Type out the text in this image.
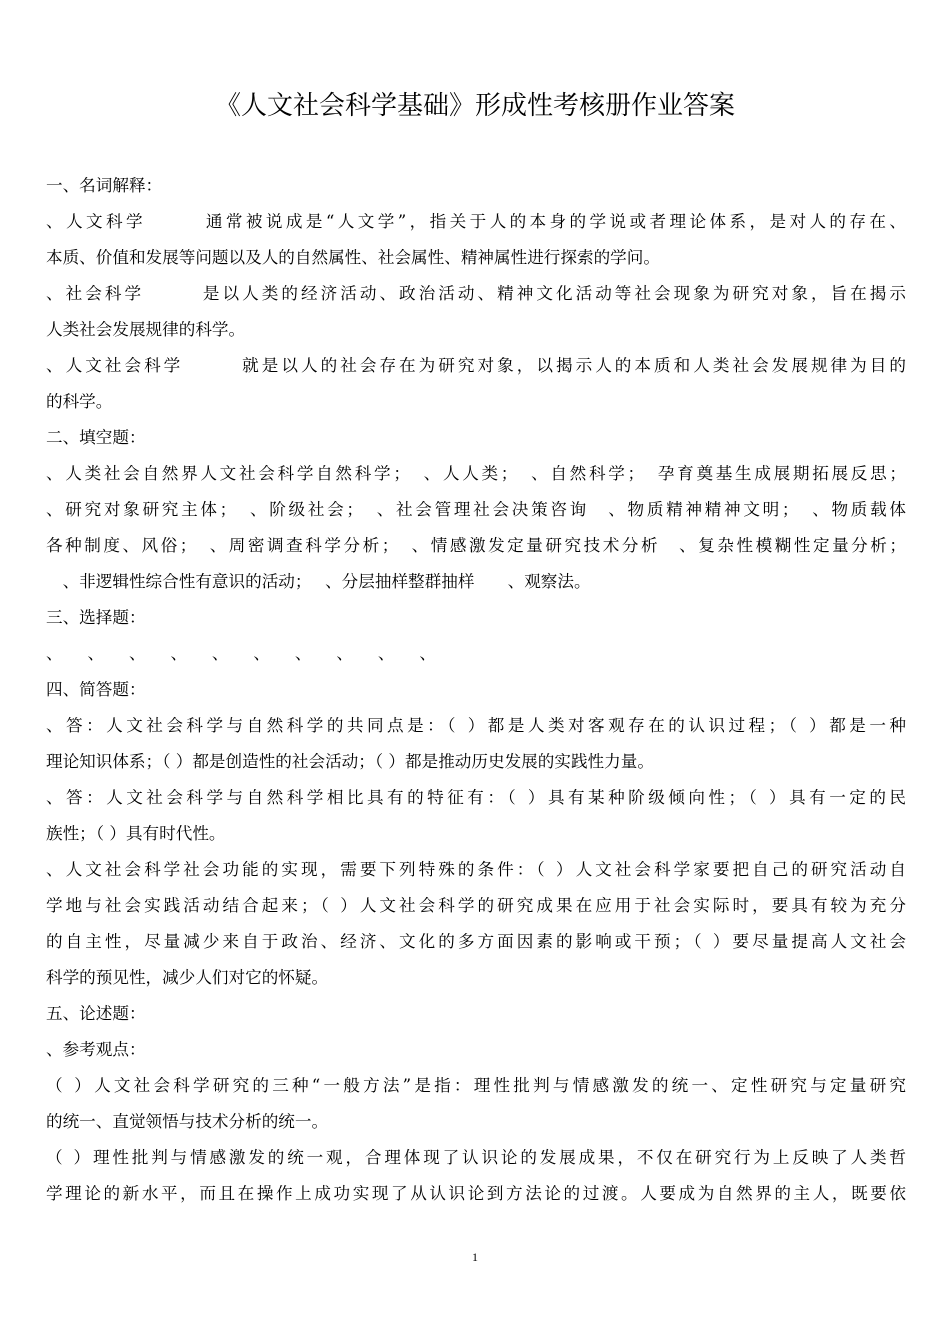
《人文社会科学基础》形成性考核册作业答案
一、名词解释：
、人文科学　　　通常被说成是“人文学”，指关于人的本身的学说或者理论体系，是对人的存在、
本质、价值和发展等问题以及人的自然属性、社会属性、精神属性进行探索的学问。
、社会科学　　　是以人类的经济活动、政治活动、精神文化活动等社会现象为研究对象，旨在揭示
人类社会发展规律的科学。
、人文社会科学　　　就是以人的社会存在为研究对象，以揭示人的本质和人类社会发展规律为目的
的科学。
二、填空题：
、人类社会自然界人文社会科学自然科学；　、人人类；　、自然科学；　孕育奠基生成展期拓展反思；
、研究对象研究主体；　、阶级社会；　、社会管理社会决策咨询　、物质精神精神文明；　、物质载体
各种制度、风俗；　、周密调查科学分析；　、情感激发定量研究技术分析　、复杂性模糊性定量分析；
　、非逻辑性综合性有意识的活动；　 、分层抽样整群抽样　　、观察法。
三、选择题：
、　　、　　、　　、　　、　　、　　、　　、　　、　　、
四、简答题：
、答：人文社会科学与自然科学的共同点是：（ ）都是人类对客观存在的认识过程；（ ）都是一种
理论知识体系；（ ）都是创造性的社会活动；（ ）都是推动历史发展的实践性力量。
、答：人文社会科学与自然科学相比具有的特征有：（ ）具有某种阶级倾向性；（ ）具有一定的民
族性；（ ）具有时代性。
、人文社会科学社会功能的实现，需要下列特殊的条件：（ ）人文社会科学家要把自己的研究活动自
学地与社会实践活动结合起来；（ ）人文社会科学的研究成果在应用于社会实际时，要具有较为充分
的自主性，尽量减少来自于政治、经济、文化的多方面因素的影响或干预；（ ）要尽量提高人文社会
科学的预见性，减少人们对它的怀疑。
五、论述题：
、参考观点：
（ ）人文社会科学研究的三种“一般方法”是指：理性批判与情感激发的统一、定性研究与定量研究
的统一、直觉领悟与技术分析的统一。
（ ）理性批判与情感激发的统一观，合理体现了认识论的发展成果，不仅在研究行为上反映了人类哲
学理论的新水平，而且在操作上成功实现了从认识论到方法论的过渡。人要成为自然界的主人，既要依
1
